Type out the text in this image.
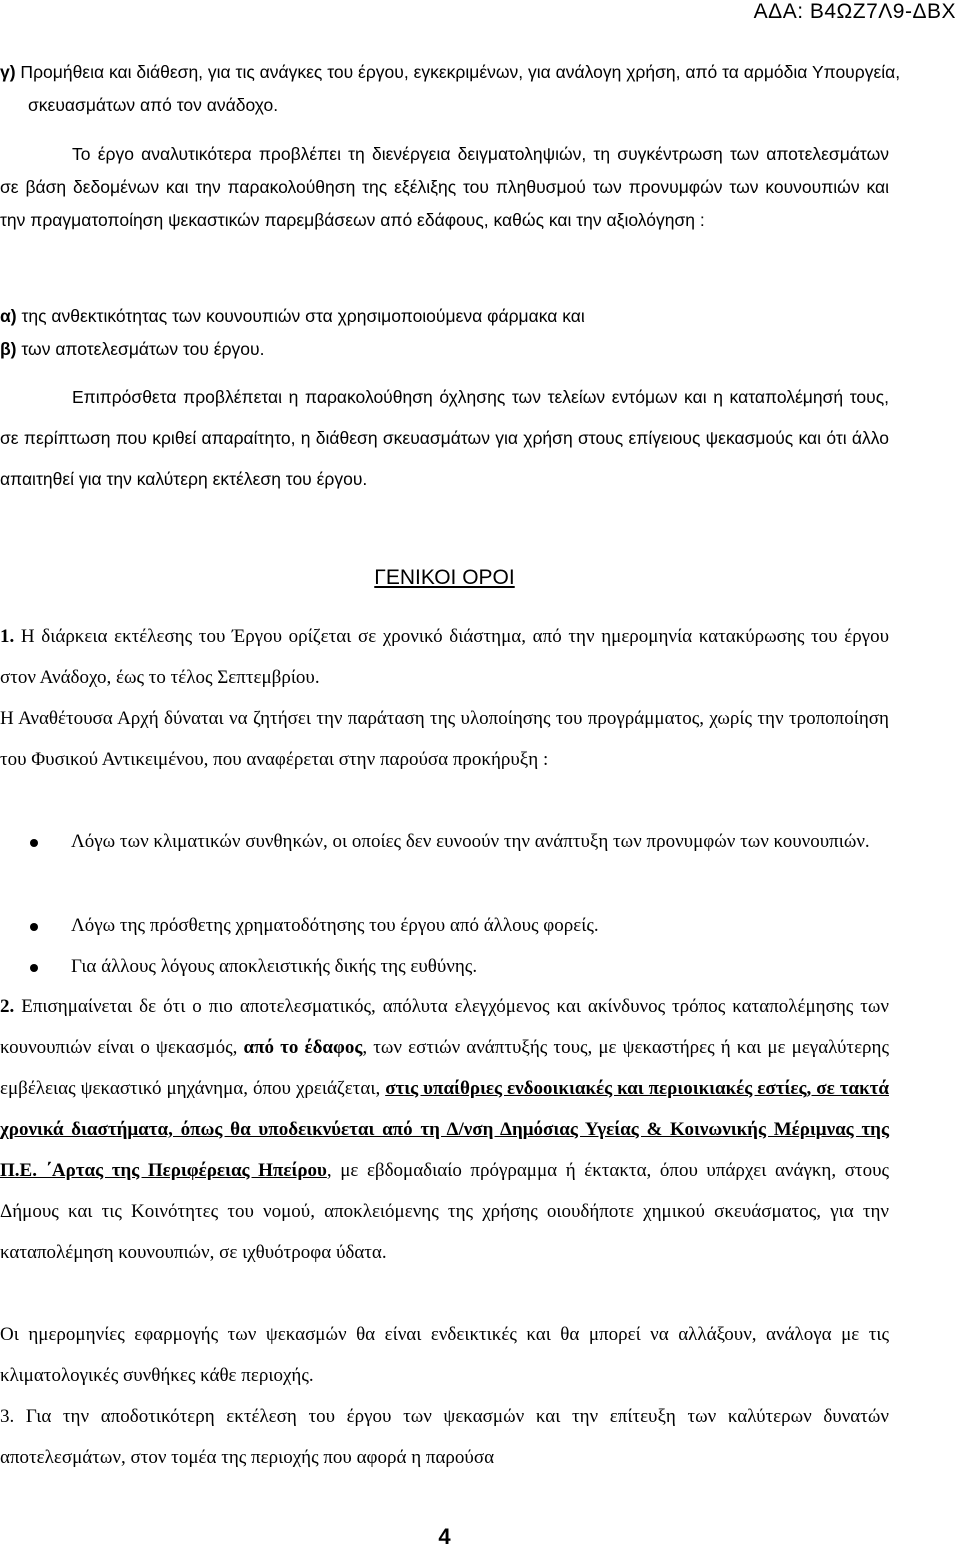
ΑΔΑ: Β4ΩΖ7Λ9-ΔΒΧ

γ) Προμήθεια και διάθεση, για τις ανάγκες του έργου, εγκεκριμένων, για ανάλογη χρήση, από τα αρμόδια Υπουργεία, σκευασμάτων από τον ανάδοχο.

Το έργο αναλυτικότερα προβλέπει τη διενέργεια δειγματοληψιών, τη συγκέντρωση των αποτελεσμάτων σε βάση δεδομένων και την παρακολούθηση της εξέλιξης του πληθυσμού των προνυμφών των κουνουπιών και την πραγματοποίηση ψεκαστικών παρεμβάσεων από εδάφους, καθώς και την αξιολόγηση :

α) της ανθεκτικότητας των κουνουπιών στα χρησιμοποιούμενα φάρμακα και

β) των αποτελεσμάτων του έργου.

Επιπρόσθετα προβλέπεται η παρακολούθηση όχλησης των τελείων εντόμων και η καταπολέμησή τους, σε περίπτωση που κριθεί απαραίτητο, η διάθεση σκευασμάτων για χρήση στους επίγειους ψεκασμούς και ότι άλλο απαιτηθεί για την καλύτερη εκτέλεση του έργου.

ΓΕΝΙΚΟΙ ΟΡΟΙ

1. Η διάρκεια εκτέλεσης του Έργου ορίζεται σε χρονικό διάστημα, από την ημερομηνία κατακύρωσης του έργου στον Ανάδοχο, έως το τέλος Σεπτεμβρίου.

Η Αναθέτουσα Αρχή δύναται να ζητήσει την παράταση της υλοποίησης του προγράμματος, χωρίς την τροποποίηση του Φυσικού Αντικειμένου, που αναφέρεται στην παρούσα προκήρυξη :

Λόγω των κλιματικών συνθηκών, οι οποίες δεν ευνοούν την ανάπτυξη των προνυμφών των κουνουπιών.
Λόγω της πρόσθετης χρηματοδότησης του έργου από άλλους φορείς.
Για άλλους λόγους αποκλειστικής δικής της ευθύνης.

2. Επισημαίνεται δε ότι ο πιο αποτελεσματικός, απόλυτα ελεγχόμενος και ακίνδυνος τρόπος καταπολέμησης των κουνουπιών είναι ο ψεκασμός, από το έδαφος, των εστιών ανάπτυξής τους, με ψεκαστήρες ή και με μεγαλύτερης εμβέλειας ψεκαστικό μηχάνημα, όπου χρειάζεται, στις υπαίθριες ενδοοικιακές και περιοικιακές εστίες, σε τακτά χρονικά διαστήματα, όπως θα υποδεικνύεται από τη Δ/νση Δημόσιας Υγείας & Κοινωνικής Μέριμνας της Π.Ε. ΄Αρτας της Περιφέρειας Ηπείρου, με εβδομαδιαίο πρόγραμμα ή έκτακτα, όπου υπάρχει ανάγκη, στους Δήμους και τις Κοινότητες του νομού, αποκλειόμενης της χρήσης οιουδήποτε χημικού σκευάσματος, για την καταπολέμηση κουνουπιών, σε ιχθυότροφα ύδατα.

Οι ημερομηνίες εφαρμογής των ψεκασμών θα είναι ενδεικτικές και θα μπορεί να αλλάξουν, ανάλογα με τις κλιματολογικές συνθήκες κάθε περιοχής.

3. Για την αποδοτικότερη εκτέλεση του έργου των ψεκασμών και την επίτευξη των καλύτερων δυνατών αποτελεσμάτων, στον τομέα της περιοχής που αφορά η παρούσα

4
